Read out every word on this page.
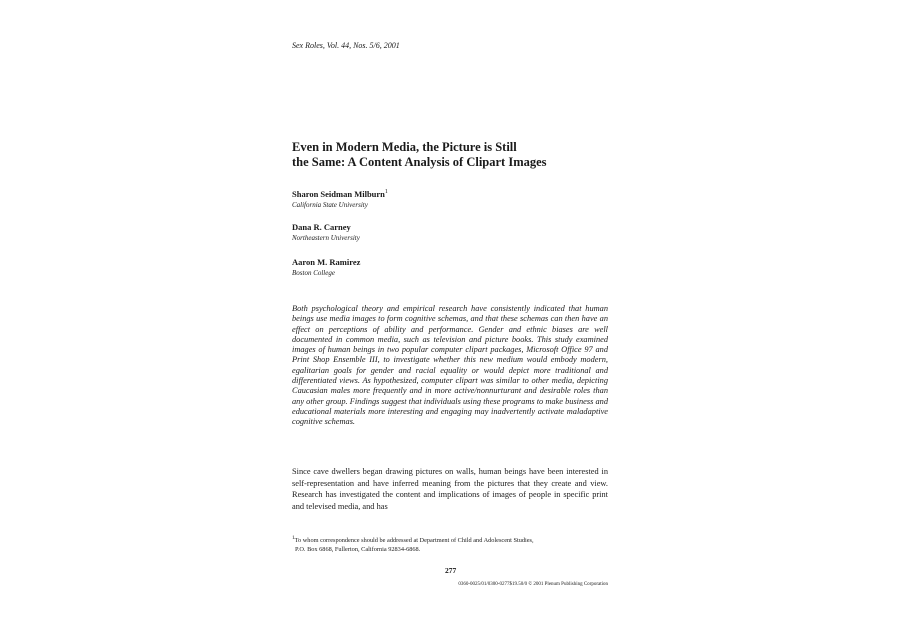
Sex Roles, Vol. 44, Nos. 5/6, 2001
Even in Modern Media, the Picture is Still
the Same: A Content Analysis of Clipart Images
Sharon Seidman Milburn$^1$
California State University
Dana R. Carney
Northeastern University
Aaron M. Ramirez
Boston College
Both psychological theory and empirical research have consistently indicated that human beings use media images to form cognitive schemas, and that these schemas can then have an effect on perceptions of ability and performance. Gender and ethnic biases are well documented in common media, such as television and picture books. This study examined images of human beings in two popular computer clipart packages, Microsoft Office 97 and Print Shop Ensemble III, to investigate whether this new medium would embody modern, egalitarian goals for gender and racial equality or would depict more traditional and differentiated views. As hypothesized, computer clipart was similar to other media, depicting Caucasian males more frequently and in more active/nonnurturant and desirable roles than any other group. Findings suggest that individuals using these programs to make business and educational materials more interesting and engaging may inadvertently activate maladaptive cognitive schemas.
Since cave dwellers began drawing pictures on walls, human beings have been interested in self-representation and have inferred meaning from the pictures that they create and view. Research has investigated the content and implications of images of people in specific print and televised media, and has
$^1$To whom correspondence should be addressed at Department of Child and Adolescent Studies,
P.O. Box 6868, Fullerton, California 92834-6868.
277
0360-0025/01/0300-0277$19.50/0 © 2001 Plenum Publishing Corporation
